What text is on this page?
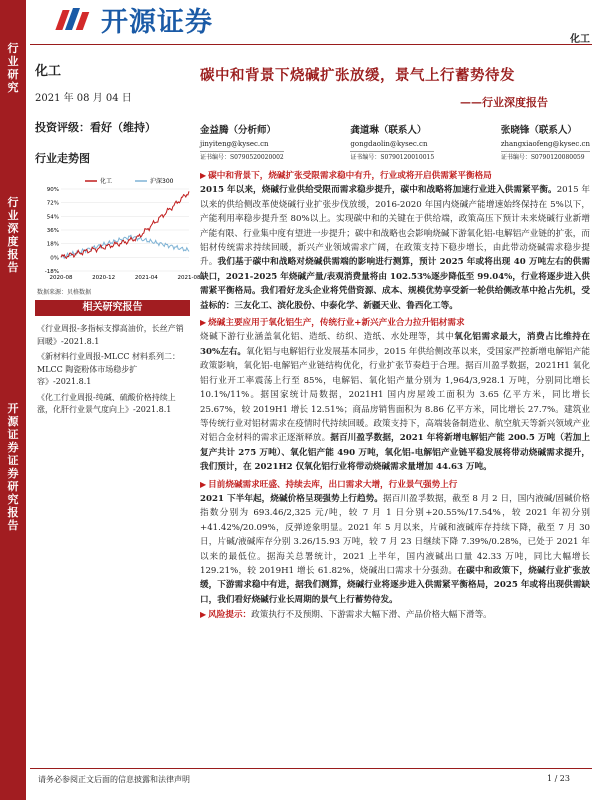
开源证券
化工
行业研究
行业深度报告
开源证券 证券研究报告
化工
2021 年 08 月 04 日
投资评级：看好（维持）
行业走势图
90%
72%
54%
36%
18%
0%
-18%
2020-08	2020-12	2021-04	2021-08
化工	沪深300
数据来源：贝格数据
相关研究报告
《行业周报-多指标支撑高油价，长丝产销回暖》-2021.8.1
《新材料行业周报-MLCC 材料系列二：MLCC 陶瓷粉体市场稳步扩容》-2021.8.1
《化工行业周报-纯碱、硫酸价格持续上涨，化肝行业景气度向上》-2021.8.1
碳中和背景下烧碱扩张放缓，景气上行蓄势待发
——行业深度报告
金益腾（分析师）
jinyiteng@kysec.cn
证书编号：S0790520020002
龚道琳（联系人）
gongdaolin@kysec.cn
证书编号：S0790120010015
张晓锋（联系人）
zhangxiaofeng@kysec.cn
证书编号：S0790120080059
▶ 碳中和背景下，烧碱扩张受限需求稳中有升，行业或将开启供需紧平衡格局
2015 年以来，烧碱行业供给受限而需求稳步提升，碳中和战略将加速行业进入供需紧平衡。2015 年以来的供给侧改革使烧碱行业扩张步伐放缓，2016-2020 年国内烧碱产能增速始终保持在 5%以下，产能利用率稳步提升至 80%以上。实现碳中和的关键在于供给端，政策高压下预计未来烧碱行业新增产能有限、行业集中度有望进一步提升；碳中和战略也会影响烧碱下游氧化铝-电解铝产业链的扩张，而铝材传统需求持续回暖，新兴产业领域需求广阔，在政策支持下稳步增长，由此带动烧碱需求稳步提升。我们基于碳中和战略对烧碱供需端的影响进行测算，预计 2025 年或将出现 40 万吨左右的供需缺口，2021-2025 年烧碱产量/表观消费量将由 102.53%逐步降低至 99.04%，行业将逐步进入供需紧平衡格局。我们看好龙头企业将凭借资源、成本、规模优势享受新一轮供给侧改革中抢占先机，受益标的：三友化工、滨化股份、中泰化学、新疆天业、鲁西化工等。
▶ 烧碱主要应用于氧化铝生产，传统行业+新兴产业合力拉升铝材需求
烧碱下游行业涵盖氧化铝、造纸、纺织、造纸、水处理等，其中氧化铝需求最大，消费占比维持在 30%左右。氧化铝与电解铝行业发展基本同步，2015 年供给侧改革以来，受国家严控新增电解铝产能政策影响，氧化铝-电解铝产业链结构优化，行业扩张节奏趋于合理。据百川盈孚数据，2021H1 氧化铝行业开工率震荡上行至 85%，电解铝、氧化铝产量分别为 1,964/3,928.1 万吨，分别同比增长 10.1%/11%。据国家统计局数据，2021H1 国内房屋竣工面积为 3.65 亿平方米，同比增长 25.67%，较 2019H1 增长 12.51%；商品房销售面积为 8.86 亿平方米，同比增长 27.7%。建筑业等传统行业对铝材需求在疫情时代持续回暖。政策支持下，高端装备制造业、航空航天等新兴领域产业对铝合金材料的需求正逐渐释放。据百川盈孚数据，2021 年将新增电解铝产能 200.5 万吨（若加上复产共计 275 万吨）、氧化铝产能 490 万吨，氧化铝-电解铝产业链平稳发展将带动烧碱需求提升，我们预计，在 2021H2 仅氧化铝行业将带动烧碱需求量增加 44.63 万吨。
▶ 目前烧碱需求旺盛、持续去库，出口需求大增，行业景气强势上行
2021 下半年起，烧碱价格呈现强势上行趋势。据百川盈孚数据，截至 8 月 2 日，国内液碱/固碱价格指数分别为 693.46/2,325 元/吨，较 7 月 1 日分别+20.55%/17.54%，较 2021 年初分别+41.42%/20.09%，反弹迹象明显。2021 年 5 月以来，片碱和液碱库存持续下降，截至 7 月 30 日，片碱/液碱库存分别 3.26/15.93 万吨，较 7 月 23 日继续下降 7.39%/0.28%，已处于 2021 年以来的最低位。据海关总署统计，2021 上半年，国内液碱出口量 42.33 万吨，同比大幅增长 129.21%，较 2019H1 增长 61.82%，烧碱出口需求十分强劲。在碳中和政策下，烧碱行业扩张放缓，下游需求稳中有进，据我们测算，烧碱行业将逐步进入供需紧平衡格局，2025 年或将出现供需缺口，我们看好烧碱行业长周期的景气上行蓄势待发。
▶ 风险提示：政策执行不及预期、下游需求大幅下滑、产品价格大幅下滑等。
请务必参阅正文后面的信息披露和法律声明	1 / 23
